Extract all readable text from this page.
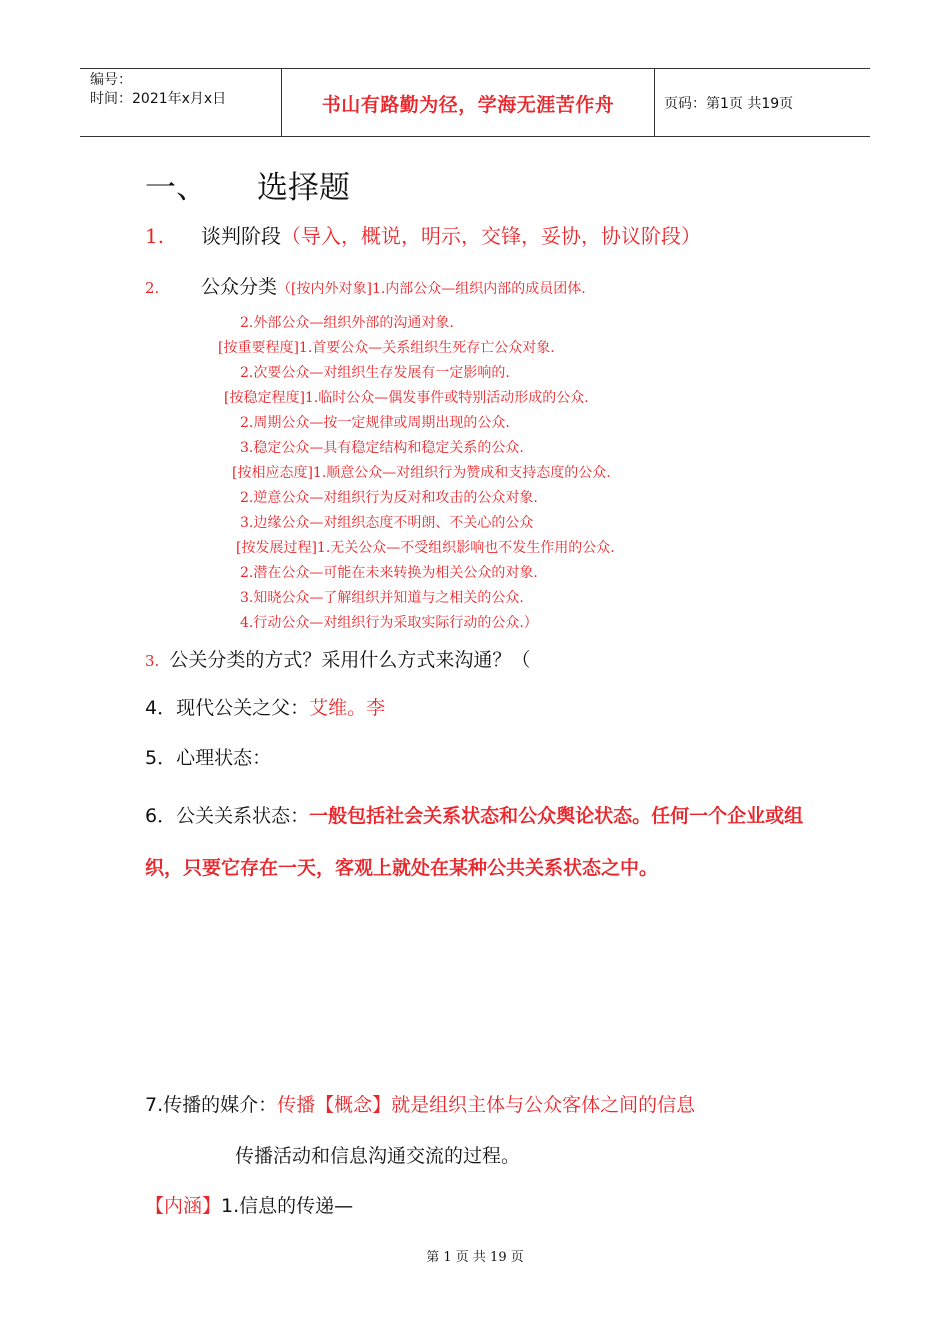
编号：
时间：2021年x月x日	书山有路勤为径，学海无涯苦作舟	页码：第1页 共19页
一、 选择题
1. 谈判阶段（导入，概说，明示，交锋，妥协，协议阶段）
2. 公众分类（[按内外对象]1.内部公众—组织内部的成员团体.
2.外部公众—组织外部的沟通对象.
[按重要程度]1.首要公众—关系组织生死存亡公众对象.
2.次要公众—对组织生存发展有一定影响的.
[按稳定程度]1.临时公众—偶发事件或特别活动形成的公众.
2.周期公众—按一定规律或周期出现的公众.
3.稳定公众—具有稳定结构和稳定关系的公众.
[按相应态度]1.顺意公众—对组织行为赞成和支持态度的公众.
2.逆意公众—对组织行为反对和攻击的公众对象.
3.边缘公众—对组织态度不明朗、不关心的公众
[按发展过程]1.无关公众—不受组织影响也不发生作用的公众.
2.潜在公众—可能在未来转换为相关公众的对象.
3.知晓公众—了解组织并知道与之相关的公众.
4.行动公众—对组织行为采取实际行动的公众.）
3. 公关分类的方式？采用什么方式来沟通？（
4．现代公关之父：艾维。李
5．心理状态：
6．公关关系状态：一般包括社会关系状态和公众舆论状态。任何一个企业或组织，只要它存在一天，客观上就处在某种公共关系状态之中。
7.传播的媒介：传播【概念】就是组织主体与公众客体之间的信息
传播活动和信息沟通交流的过程。
【内涵】1.信息的传递—
第 1 页 共 19 页
